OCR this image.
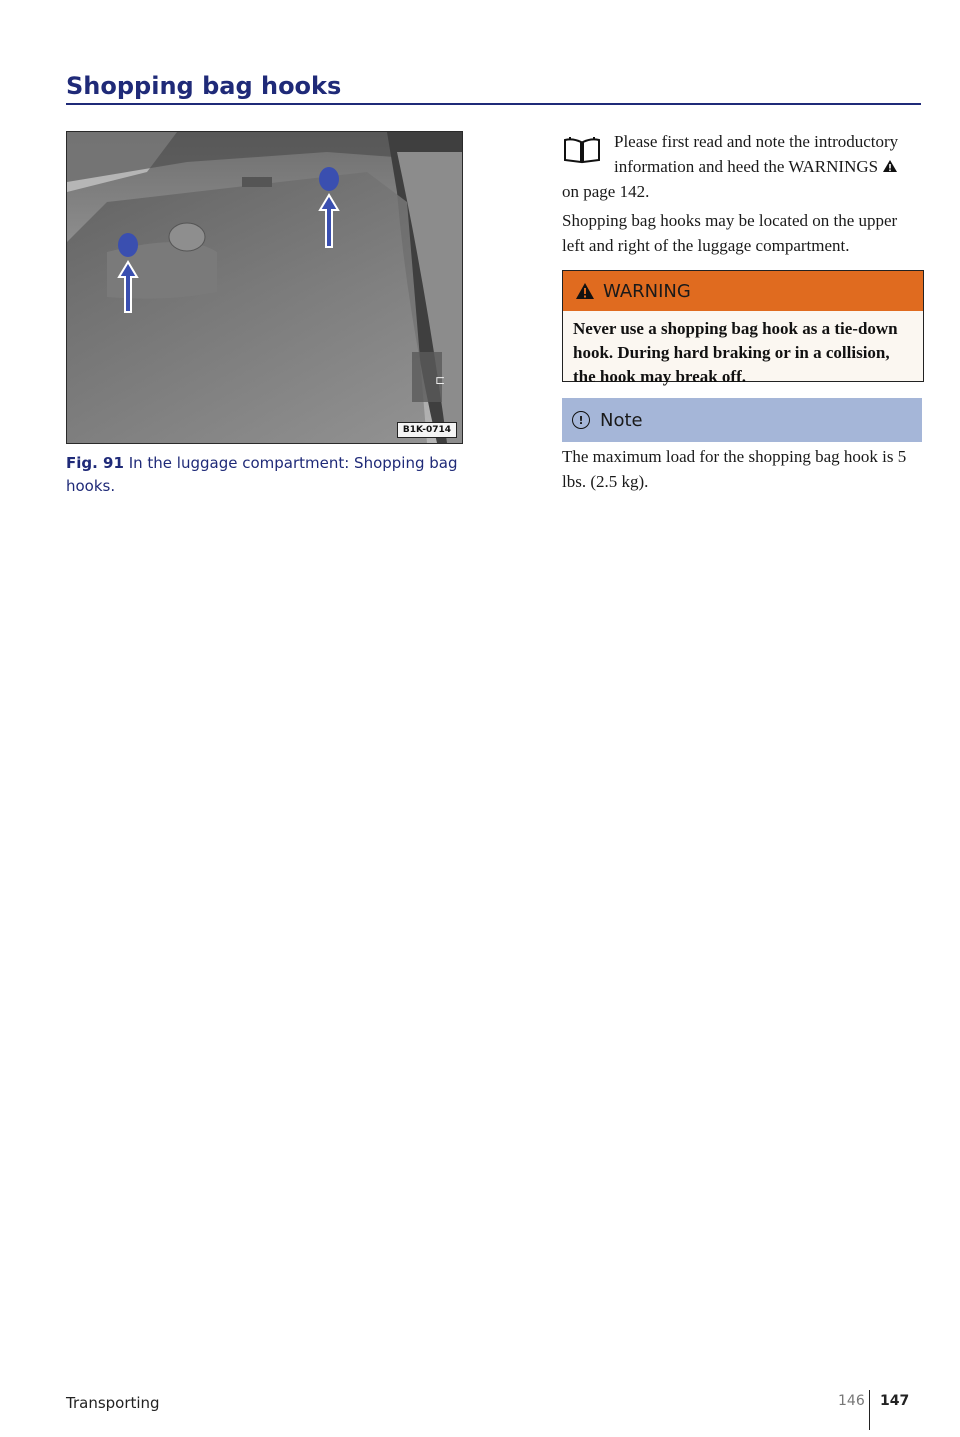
Shopping bag hooks
⊏
B1K-0714
Fig. 91 In the luggage compartment: Shopping bag hooks.
Please first read and note the introductory
information and heed the WARNINGS
on page 142.
Shopping bag hooks may be located on the upper left and right of the luggage compartment.
WARNING
Never use a shopping bag hook as a tie-down hook. During hard braking or in a collision, the hook may break off.
! Note
The maximum load for the shopping bag hook is 5 lbs. (2.5 kg).
Transporting	146 147
